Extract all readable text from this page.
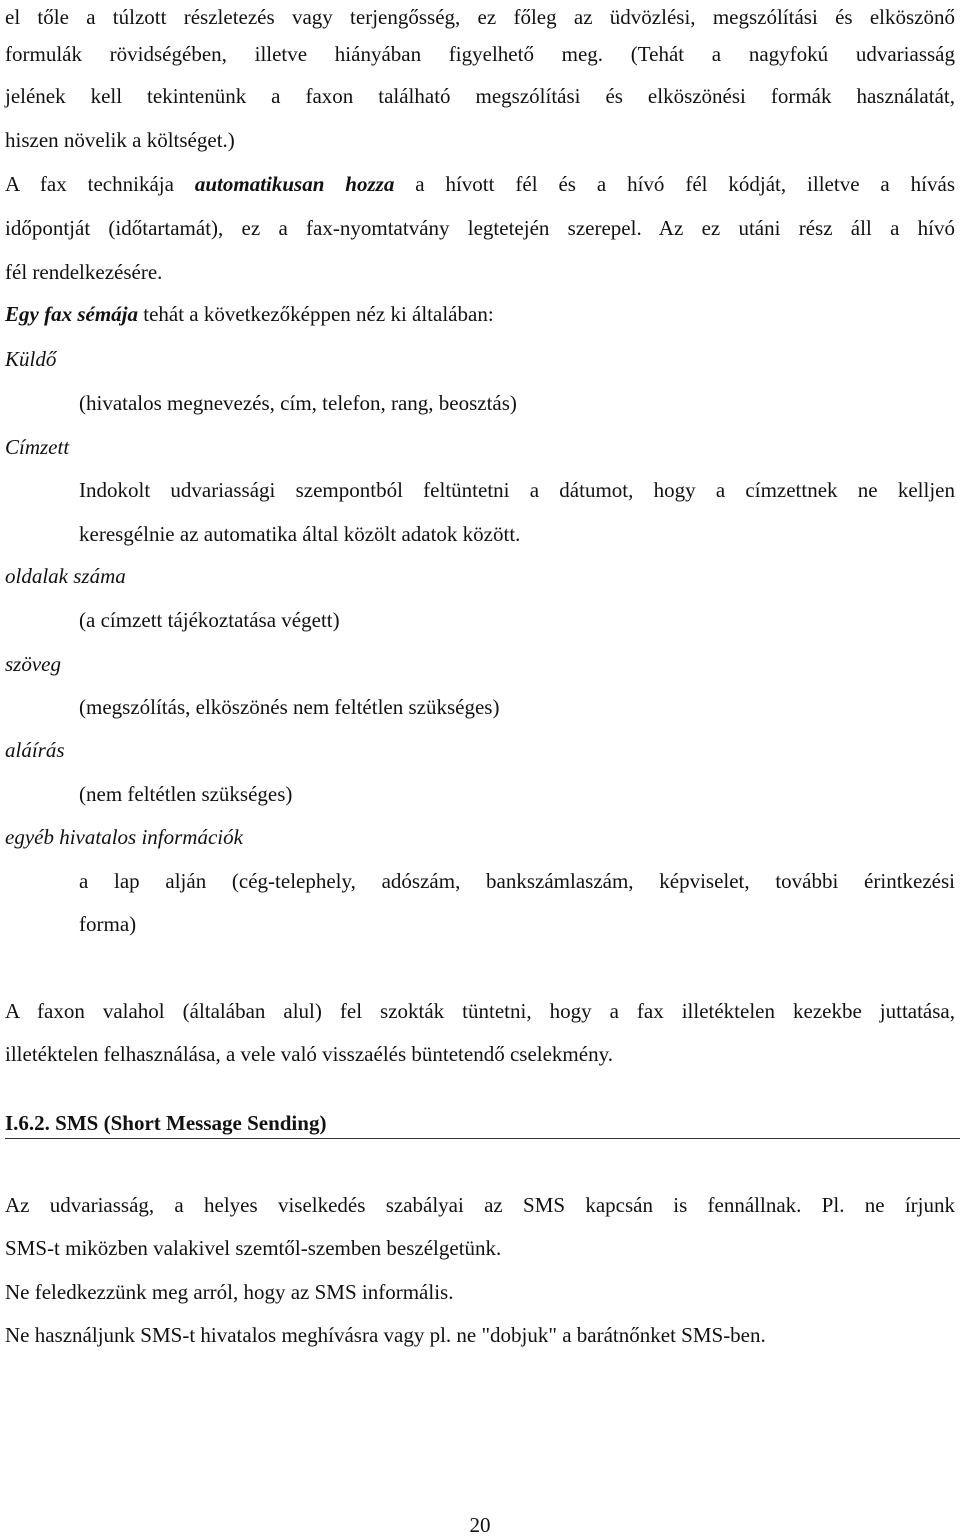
el tőle a túlzott részletezés vagy terjengősség, ez főleg az üdvözlési, megszólítási és elköszönő
formulák rövidségében, illetve hiányában figyelhető meg. (Tehát a nagyfokú udvariasság
jelének kell tekintenünk a faxon található megszólítási és elköszönési formák használatát,
hiszen növelik a költséget.)
A fax technikája automatikusan hozza a hívott fél és a hívó fél kódját, illetve a hívás
időpontját (időtartamát), ez a fax-nyomtatvány legtetején szerepel. Az ez utáni rész áll a hívó
fél rendelkezésére.
Egy fax sémája tehát a következőképpen néz ki általában:
Küldő
(hivatalos megnevezés, cím, telefon, rang, beosztás)
Címzett
Indokolt udvariassági szempontból feltüntetni a dátumot, hogy a címzettnek ne kelljen
keresgélnie az automatika által közölt adatok között.
oldalak száma
(a címzett tájékoztatása végett)
szöveg
(megszólítás, elköszönés nem feltétlen szükséges)
aláírás
(nem feltétlen szükséges)
egyéb hivatalos információk
a lap alján (cég-telephely, adószám, bankszámlaszám, képviselet, további érintkezési
forma)
A faxon valahol (általában alul) fel szokták tüntetni, hogy a fax illetéktelen kezekbe juttatása,
illetéktelen felhasználása, a vele való visszaélés büntetendő cselekmény.
I.6.2. SMS (Short Message Sending)
Az udvariasság, a helyes viselkedés szabályai az SMS kapcsán is fennállnak. Pl. ne írjunk
SMS-t miközben valakivel szemtől-szemben beszélgetünk.
Ne feledkezzünk meg arról, hogy az SMS informális.
Ne használjunk SMS-t hivatalos meghívásra vagy pl. ne "dobjuk" a barátnőnket SMS-ben.
20
